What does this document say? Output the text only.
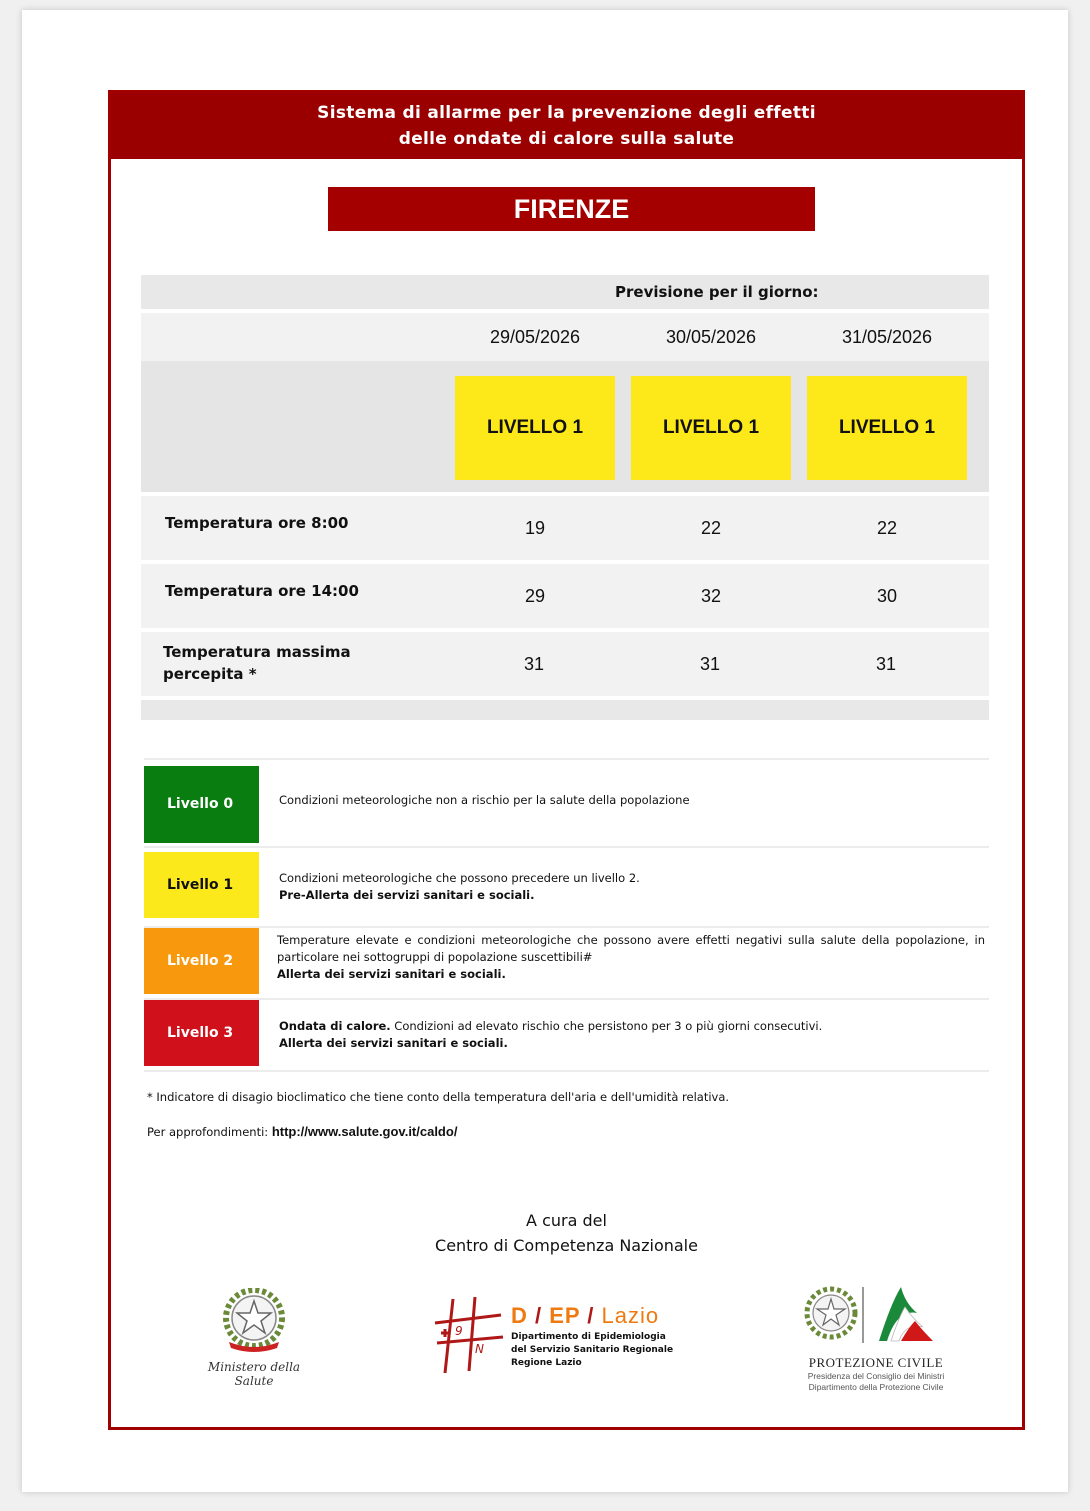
Sistema di allarme per la prevenzione degli effetti
delle ondate di calore sulla salute
FIRENZE
Previsione per il giorno:
29/05/2026	30/05/2026	31/05/2026
LIVELLO 1	LIVELLO 1	LIVELLO 1
Temperatura ore 8:00	19	22	22
Temperatura ore 14:00	29	32	30
Temperatura massima
percepita *	31	31	31
Livello 0	Condizioni meteorologiche non a rischio per la salute della popolazione
Livello 1	Condizioni meteorologiche che possono precedere un livello 2.
Pre-Allerta dei servizi sanitari e sociali.
Livello 2
Temperature elevate e condizioni meteorologiche che possono avere effetti negativi sulla salute della popolazione, in particolare nei sottogruppi di popolazione suscettibili#
Allerta dei servizi sanitari e sociali.
Livello 3	Ondata di calore. Condizioni ad elevato rischio che persistono per 3 o più giorni consecutivi.
Allerta dei servizi sanitari e sociali.
* Indicatore di disagio bioclimatico che tiene conto della temperatura dell'aria e dell'umidità relativa.
Per approfondimenti: http://www.salute.gov.it/caldo/
A cura del
Centro di Competenza Nazionale
Ministero della Salute
9
N
D / EP / Lazio
Dipartimento di Epidemiologia
del Servizio Sanitario Regionale
Regione Lazio	PROTEZIONE CIVILE
Presidenza del Consiglio dei Ministri
Dipartimento della Protezione Civile
